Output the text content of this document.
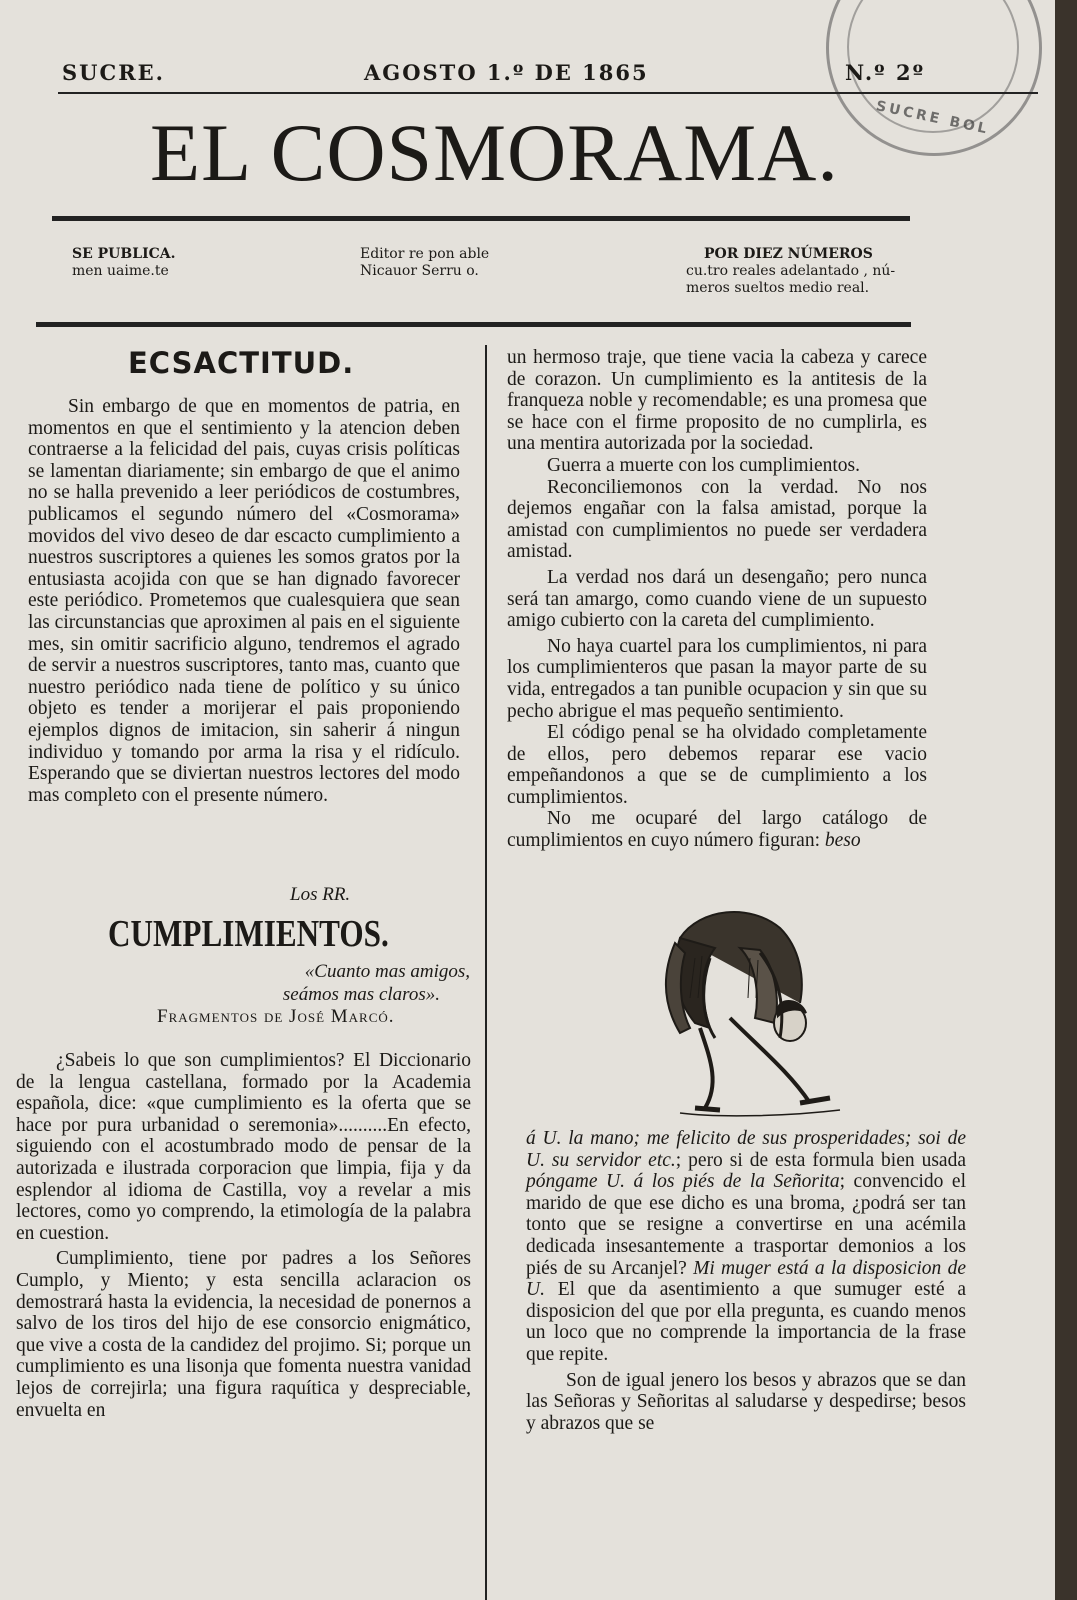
SUCRE BOL
SUCRE.	AGOSTO 1.º DE 1865	N.º 2º
EL COSMORAMA.
SE PUBLICA.
men uaime.te
Editor re pon able
Nicauor Serru o.
POR DIEZ NÚMEROS
cu.tro reales adelantado , nú-
meros sueltos medio real.
ECSACTITUD.

Sin embargo de que en momentos de patria, en momentos en que el sentimiento y la atencion deben contraerse a la felicidad del pais, cuyas crisis políticas se lamentan diariamente; sin embargo de que el animo no se halla prevenido a leer periódicos de costumbres, publicamos el segundo número del «Cosmorama» movidos del vivo deseo de dar escacto cumplimiento a nuestros suscriptores a quienes les somos gratos por la entusiasta acojida con que se han dignado favorecer este periódico. Prometemos que cualesquiera que sean las circunstancias que aproximen al pais en el siguiente mes, sin omitir sacrificio alguno, tendremos el agrado de servir a nuestros suscriptores, tanto mas, cuanto que nuestro periódico nada tiene de político y su único objeto es tender a morijerar el pais proponiendo ejemplos dignos de imitacion, sin saherir á ningun individuo y tomando por arma la risa y el ridículo. Esperando que se diviertan nuestros lectores del modo mas completo con el presente número.

Los RR.
CUMPLIMIENTOS.
«Cuanto mas amigos,
seámos mas claros».
Fragmentos de José Marcó.

¿Sabeis lo que son cumplimientos? El Diccionario de la lengua castellana, formado por la Academia española, dice: «que cumplimiento es la oferta que se hace por pura urbanidad o seremonia»..........En efecto, siguiendo con el acostumbrado modo de pensar de la autorizada e ilustrada corporacion que limpia, fija y da esplendor al idioma de Castilla, voy a revelar a mis lectores, como yo comprendo, la etimología de la palabra en cuestion.

Cumplimiento, tiene por padres a los Señores Cumplo, y Miento; y esta sencilla aclaracion os demostrará hasta la evidencia, la necesidad de ponernos a salvo de los tiros del hijo de ese consorcio enigmático, que vive a costa de la candidez del projimo. Si; porque un cumplimiento es una lisonja que fomenta nuestra vanidad lejos de correjirla; una figura raquítica y despreciable, envuelta en

un hermoso traje, que tiene vacia la cabeza y carece de corazon. Un cumplimiento es la antitesis de la franqueza noble y recomendable; es una promesa que se hace con el firme proposito de no cumplirla, es una mentira autorizada por la sociedad.

Guerra a muerte con los cumplimientos.

Reconciliemonos con la verdad. No nos dejemos engañar con la falsa amistad, porque la amistad con cumplimientos no puede ser verdadera amistad.

La verdad nos dará un desengaño; pero nunca será tan amargo, como cuando viene de un supuesto amigo cubierto con la careta del cumplimiento.

No haya cuartel para los cumplimientos, ni para los cumplimienteros que pasan la mayor parte de su vida, entregados a tan punible ocupacion y sin que su pecho abrigue el mas pequeño sentimiento.

El código penal se ha olvidado completamente de ellos, pero debemos reparar ese vacio empeñandonos a que se de cumplimiento a los cumplimientos.

No me ocuparé del largo catálogo de cumplimientos en cuyo número figuran: beso

á U. la mano; me felicito de sus prosperidades; soi de U. su servidor etc.; pero si de esta formula bien usada póngame U. á los piés de la Señorita; convencido el marido de que ese dicho es una broma, ¿podrá ser tan tonto que se resigne a convertirse en una acémila dedicada insesantemente a trasportar demonios a los piés de su Arcanjel? Mi muger está a la disposicion de U. El que da asentimiento a que sumuger esté a disposicion del que por ella pregunta, es cuando menos un loco que no comprende la importancia de la frase que repite.

Son de igual jenero los besos y abrazos que se dan las Señoras y Señoritas al saludarse y despedirse; besos y abrazos que se
